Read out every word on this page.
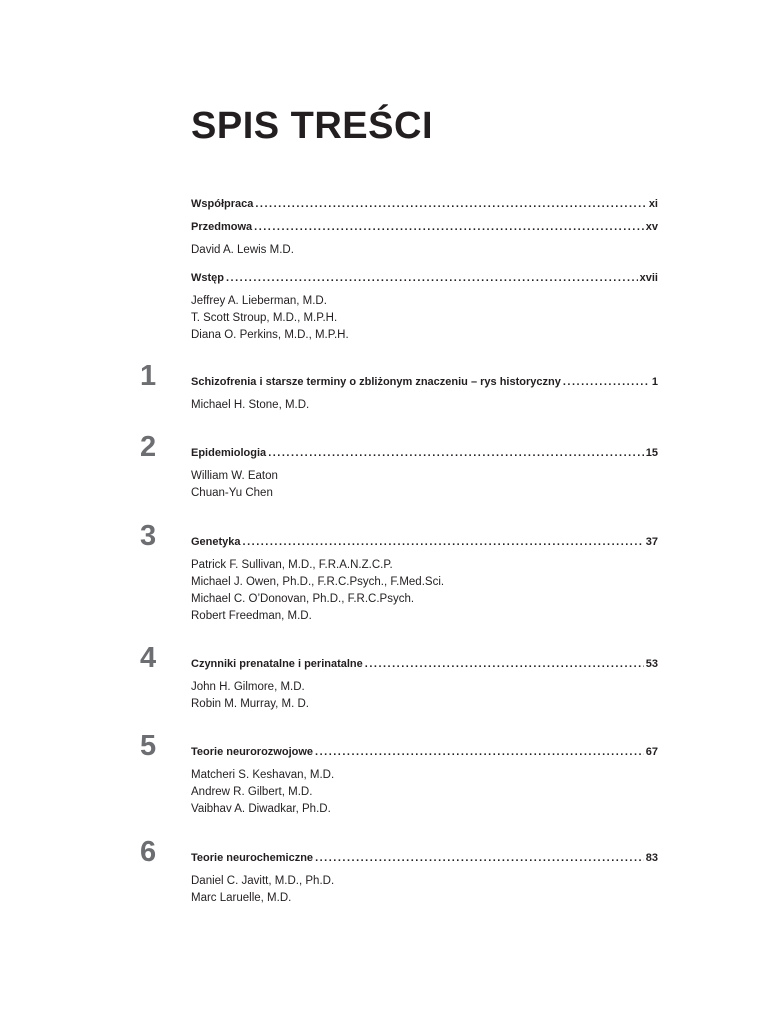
SPIS TREŚCI
Współpraca .....	xi
Przedmowa .....	xv
David A. Lewis M.D.
Wstęp .....	xvii
Jeffrey A. Lieberman, M.D.
T. Scott Stroup, M.D., M.P.H.
Diana O. Perkins, M.D., M.P.H.
1	Schizofrenia i starsze terminy o zbliżonym znaczeniu – rys historyczny .....	1
Michael H. Stone, M.D.
2	Epidemiologia .....	15
William W. Eaton
Chuan-Yu Chen
3	Genetyka .....	37
Patrick F. Sullivan, M.D., F.R.A.N.Z.C.P.
Michael J. Owen, Ph.D., F.R.C.Psych., F.Med.Sci.
Michael C. O’Donovan, Ph.D., F.R.C.Psych.
Robert Freedman, M.D.
4	Czynniki prenatalne i perinatalne .....	53
John H. Gilmore, M.D.
Robin M. Murray, M. D.
5	Teorie neurorozwojowe .....	67
Matcheri S. Keshavan, M.D.
Andrew R. Gilbert, M.D.
Vaibhav A. Diwadkar, Ph.D.
6	Teorie neurochemiczne .....	83
Daniel C. Javitt, M.D., Ph.D.
Marc Laruelle, M.D.
